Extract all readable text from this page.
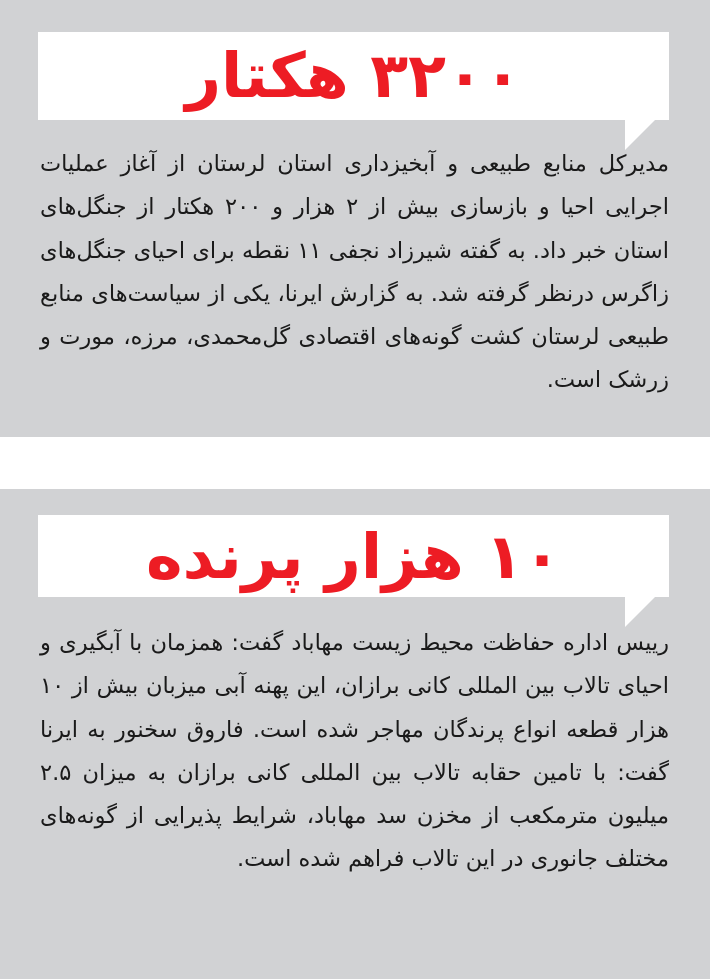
۳۲۰۰ هکتار

مدیرکل منابع طبیعی و آبخیزداری استان لرستان از آغاز عملیات اجرایی احیا و بازسازی بیش از ۲ هزار و ۲۰۰ هکتار از جنگل‌های استان خبر داد. به گفته شیرزاد نجفی ۱۱ نقطه برای احیای جنگل‌های زاگرس درنظر گرفته شد. به گزارش ایرنا، یکی از سیاست‌های منابع طبیعی لرستان کشت گونه‌های اقتصادی گل‌محمدی، مرزه، مورت و زرشک است.

۱۰ هزار پرنده

رییس اداره حفاظت محیط زیست مهاباد گفت: همزمان با آبگیری و احیای تالاب بین المللی کانی برازان، این پهنه آبی میزبان بیش از ۱۰ هزار قطعه انواع پرندگان مهاجر شده است. فاروق سخنور به ایرنا گفت: با تامین حقابه تالاب بین المللی کانی برازان به میزان ۲.۵ میلیون مترمکعب از مخزن سد مهاباد، شرایط پذیرایی از گونه‌های مختلف جانوری در این تالاب فراهم شده است.
